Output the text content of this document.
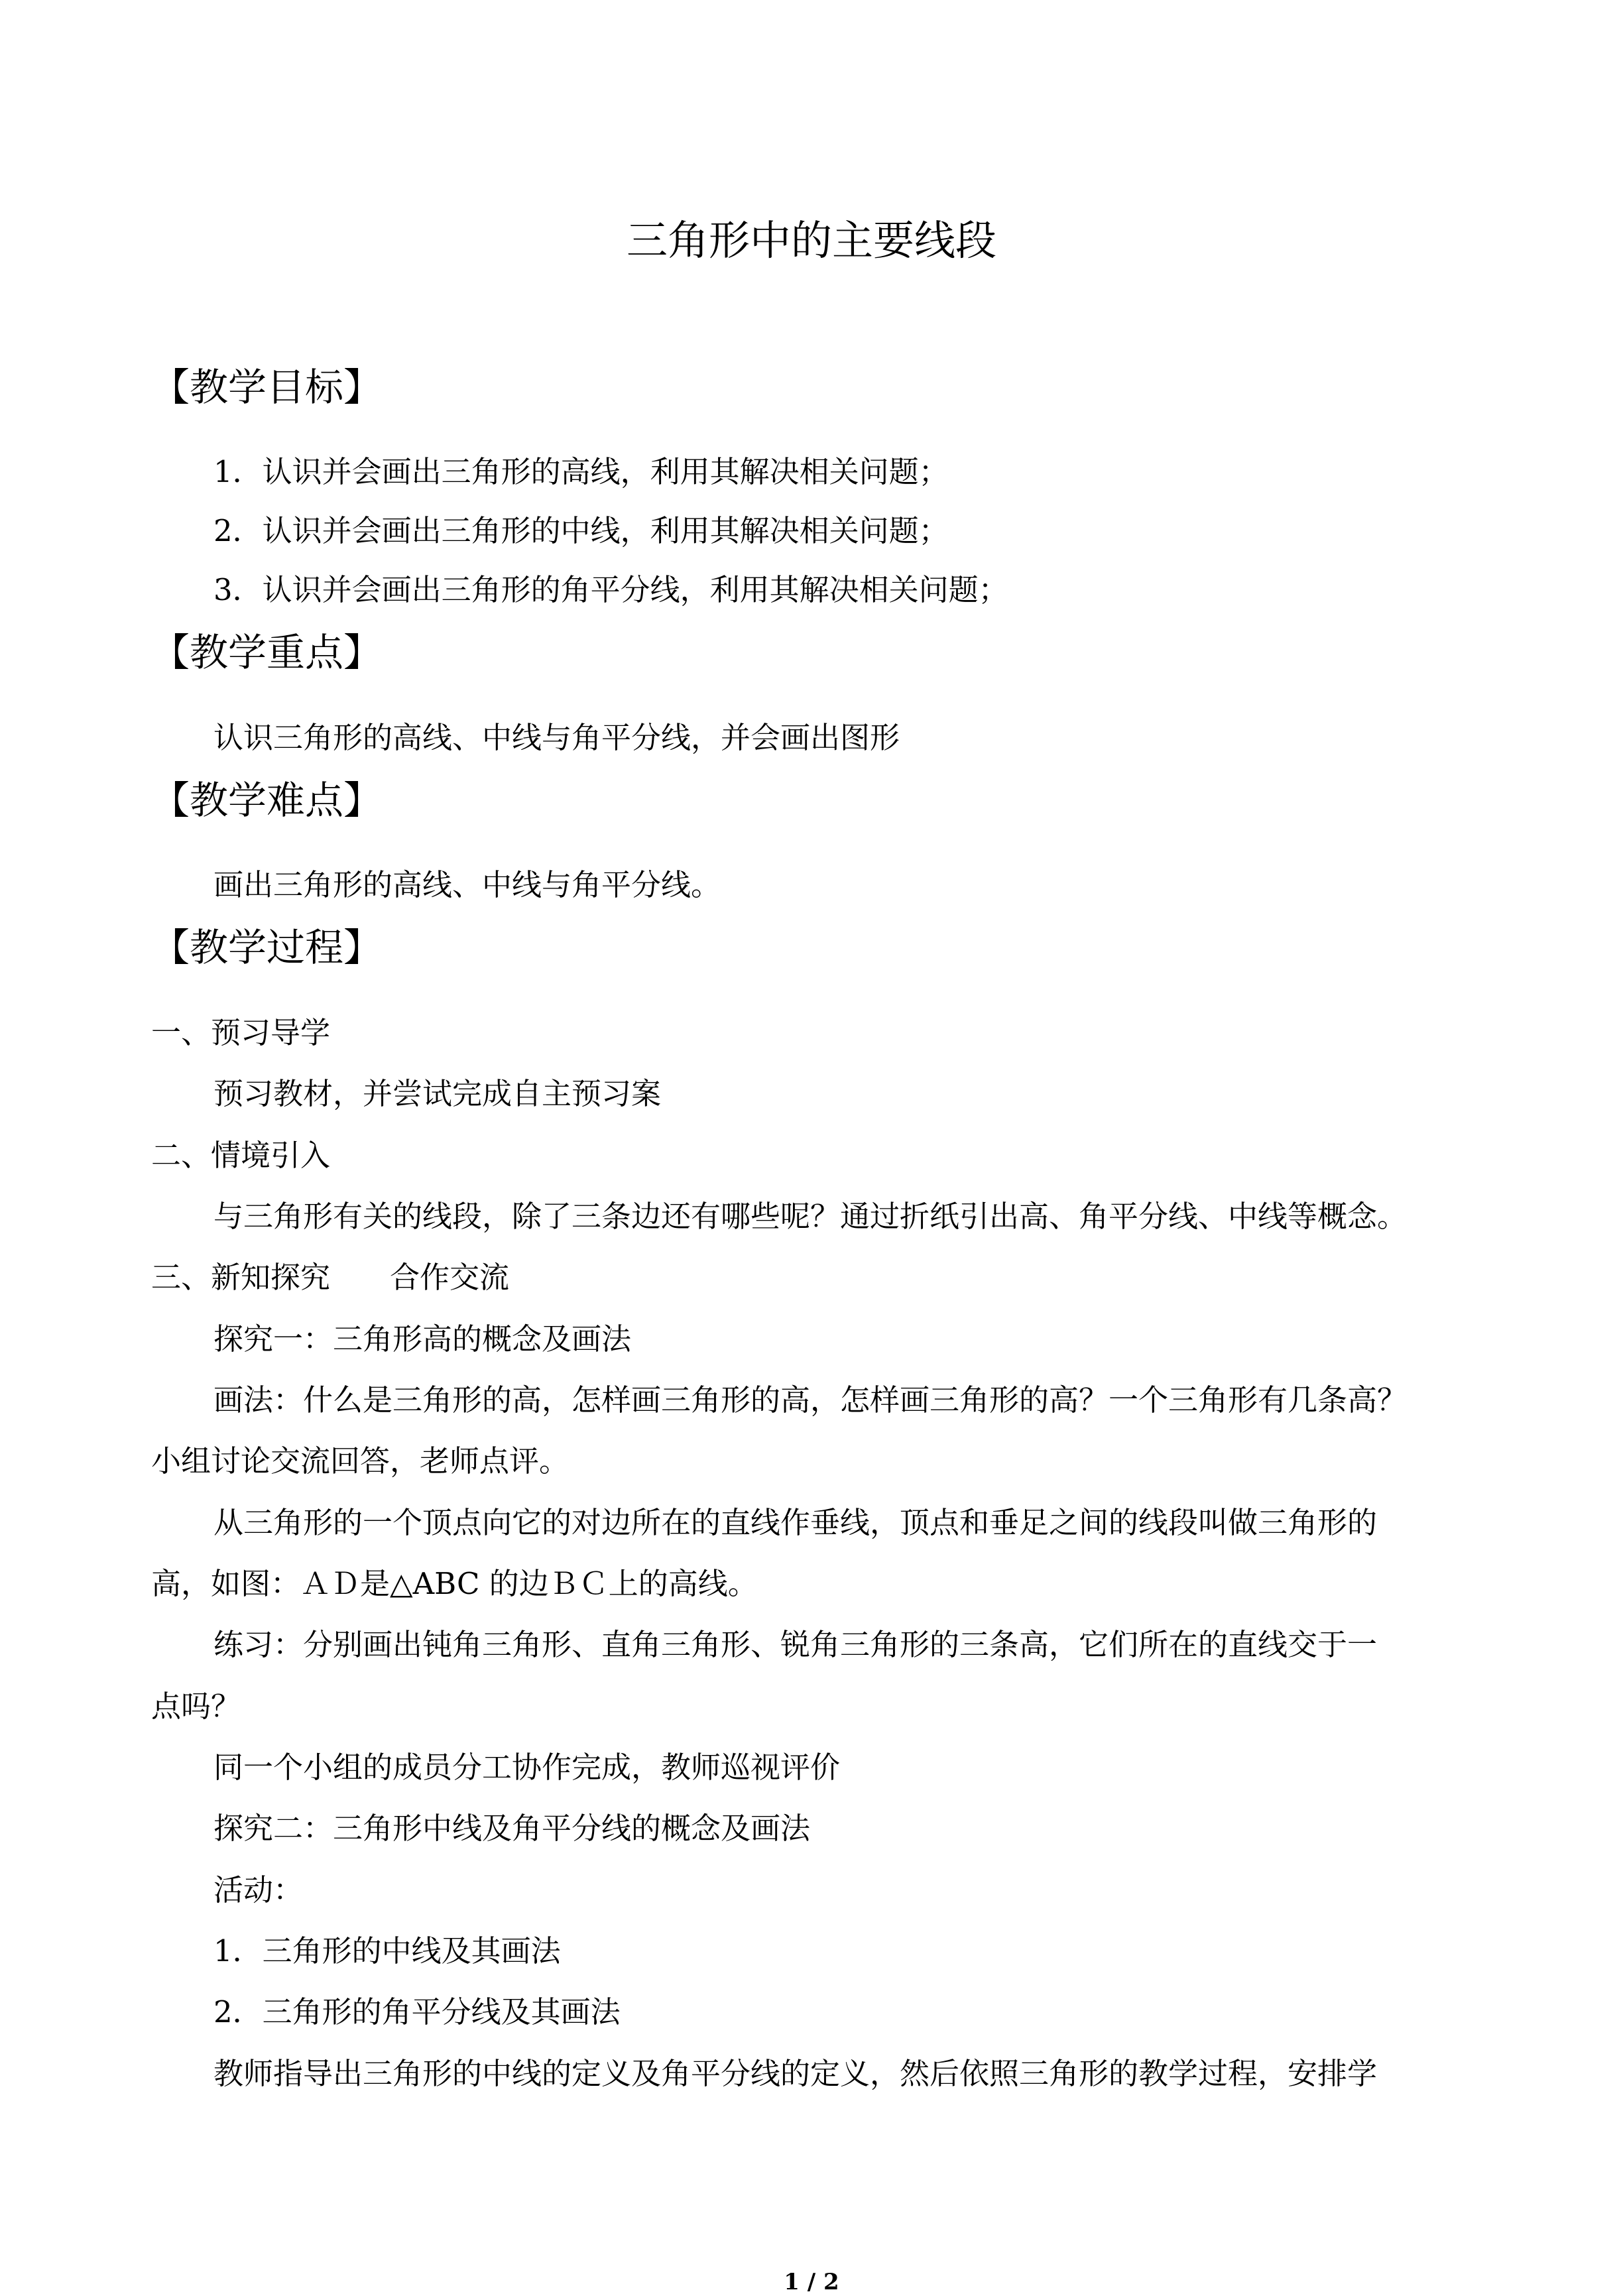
三角形中的主要线段
【教学目标】
1．认识并会画出三角形的高线，利用其解决相关问题；
2．认识并会画出三角形的中线，利用其解决相关问题；
3．认识并会画出三角形的角平分线，利用其解决相关问题；
【教学重点】
认识三角形的高线、中线与角平分线，并会画出图形
【教学难点】
画出三角形的高线、中线与角平分线。
【教学过程】
一、预习导学
预习教材，并尝试完成自主预习案
二、情境引入
与三角形有关的线段，除了三条边还有哪些呢？通过折纸引出高、角平分线、中线等概念。
三、新知探究　　合作交流
探究一：三角形高的概念及画法
画法：什么是三角形的高，怎样画三角形的高，怎样画三角形的高？一个三角形有几条高？
小组讨论交流回答，老师点评。
从三角形的一个顶点向它的对边所在的直线作垂线，顶点和垂足之间的线段叫做三角形的
高，如图：ＡＤ是△ABC 的边ＢＣ上的高线。
练习：分别画出钝角三角形、直角三角形、锐角三角形的三条高，它们所在的直线交于一
点吗？
同一个小组的成员分工协作完成，教师巡视评价
探究二：三角形中线及角平分线的概念及画法
活动：
1．三角形的中线及其画法
2．三角形的角平分线及其画法
教师指导出三角形的中线的定义及角平分线的定义，然后依照三角形的教学过程，安排学
1 / 2
